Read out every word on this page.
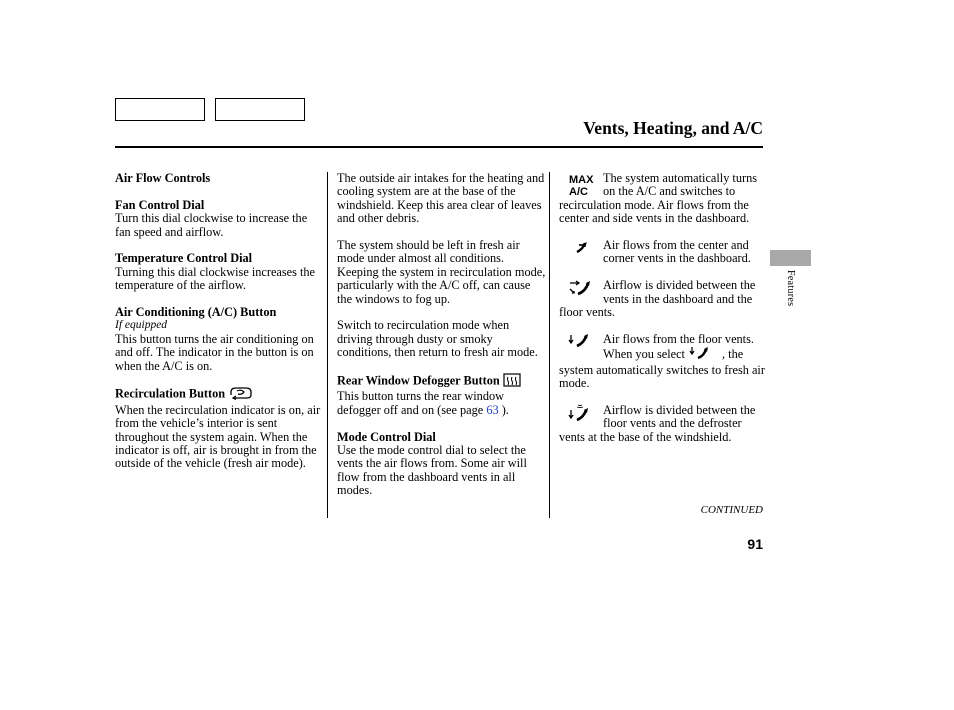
Vents, Heating, and A/C
Air Flow Controls
Fan Control Dial
Turn this dial clockwise to increase the fan speed and airflow.
Temperature Control Dial
Turning this dial clockwise increases the temperature of the airflow.
Air Conditioning (A/C) Button
If equipped
This button turns the air conditioning on and off. The indicator in the button is on when the A/C is on.
Recirculation Button
When the recirculation indicator is on, air from the vehicle’s interior is sent throughout the system again. When the indicator is off, air is brought in from the outside of the vehicle (fresh air mode).
The outside air intakes for the heating and cooling system are at the base of the windshield. Keep this area clear of leaves and other debris.
The system should be left in fresh air mode under almost all conditions. Keeping the system in recirculation mode, particularly with the A/C off, can cause the windows to fog up.
Switch to recirculation mode when driving through dusty or smoky conditions, then return to fresh air mode.
Rear Window Defogger Button
This button turns the rear window defogger off and on (see page 63 ).
Mode Control Dial
Use the mode control dial to select the vents the air flows from. Some air will flow from the dashboard vents in all modes.
MAX
A/C
The system automatically turns on the A/C and switches to recirculation mode. Air flows from the center and side vents in the dashboard.
Air flows from the center and corner vents in the dashboard.
Airflow is divided between the vents in the dashboard and the floor vents.
Air flows from the floor vents. When you select	, the system automatically switches to fresh air mode.
Airflow is divided between the floor vents and the defroster vents at the base of the windshield.
Features
CONTINUED
91
